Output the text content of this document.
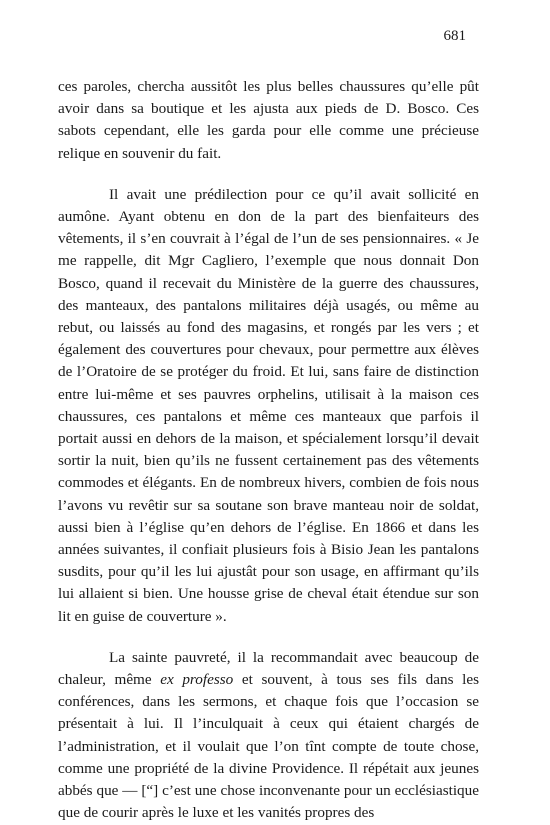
681

ces paroles, chercha aussitôt les plus belles chaussures qu’elle pût avoir dans sa boutique et les ajusta aux pieds de D. Bosco. Ces sabots cependant, elle les garda pour elle comme une précieuse relique en souvenir du fait.

Il avait une prédilection pour ce qu’il avait sollicité en aumône. Ayant obtenu en don de la part des bienfaiteurs des vêtements, il s’en couvrait à l’égal de l’un de ses pensionnaires. « Je me rappelle, dit Mgr Cagliero, l’exemple que nous donnait Don Bosco, quand il recevait du Ministère de la guerre des chaussures, des manteaux, des pantalons militaires déjà usagés, ou même au rebut, ou laissés au fond des magasins, et rongés par les vers ; et également des couvertures pour chevaux, pour permettre aux élèves de l’Oratoire de se protéger du froid. Et lui, sans faire de distinction entre lui-même et ses pauvres orphelins, utilisait à la maison ces chaussures, ces pantalons et même ces manteaux que parfois il portait aussi en dehors de la maison, et spécialement lorsqu’il devait sortir la nuit, bien qu’ils ne fussent certainement pas des vêtements commodes et élégants. En de nombreux hivers, combien de fois nous l’avons vu revêtir sur sa soutane son brave manteau noir de soldat, aussi bien à l’église qu’en dehors de l’église. En 1866 et dans les années suivantes, il confiait plusieurs fois à Bisio Jean les pantalons susdits, pour qu’il les lui ajustât pour son usage, en affirmant qu’ils lui allaient si bien. Une housse grise de cheval était étendue sur son lit en guise de couverture ».

La sainte pauvreté, il la recommandait avec beaucoup de chaleur, même ex professo et souvent, à tous ses fils dans les conférences, dans les sermons, et chaque fois que l’occasion se présentait à lui. Il l’inculquait à ceux qui étaient chargés de l’administration, et il voulait que l’on tînt compte de toute chose, comme une propriété de la divine Providence. Il répétait aux jeunes abbés que — [“] c’est une chose inconvenante pour un ecclésiastique que de courir après le luxe et les vanités propres des
